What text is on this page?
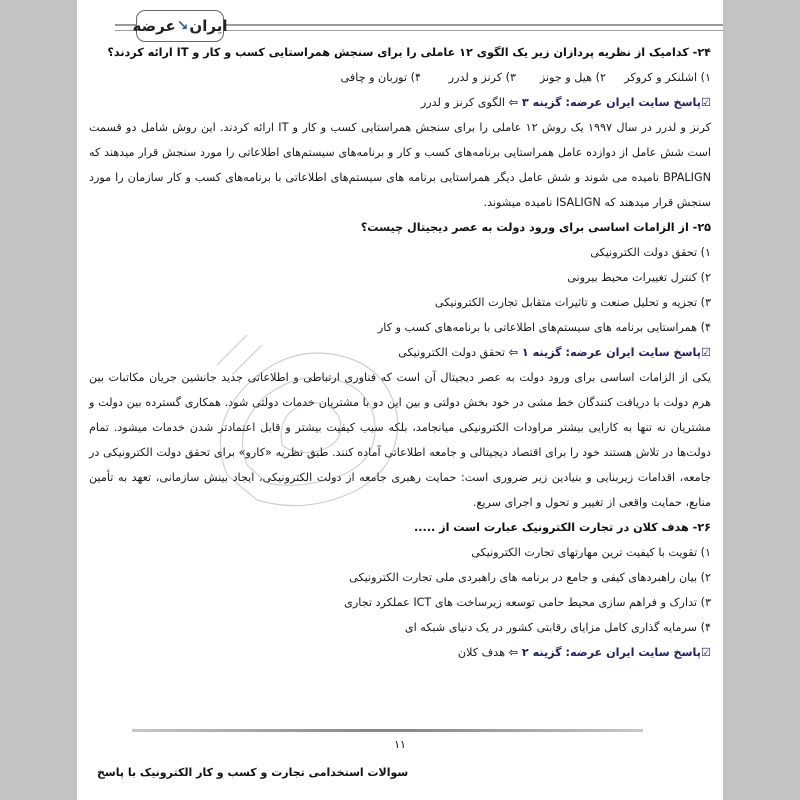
عرضه ↘ ایران
۲۴- کدامیک از نظریه پردازان زیر یک الگوی ۱۲ عاملی را برای سنجش همراستایی کسب و کار و IT ارائه کردند؟
۱) اشلنکر و کروکر
۲) هیل و جونز
۳) کرنز و لدرر
۴) توربان و چافی
☑پاسخ سایت ایران عرضه: گزینه ۳ ⇦ الگوی کرنز و لدرر
کرنز و لدرر در سال ۱۹۹۷ یک روش ۱۲ عاملی را برای سنجش همراستایی کسب و کار و IT ارائه کردند. این روش شامل دو قسمت است شش عامل از دوازده عامل همراستایی برنامه‌های کسب و کار و برنامه‌های سیستم‌های اطلاعاتی را مورد سنجش قرار میدهند که BPALIGN نامیده می شوند و شش عامل دیگر همراستایی برنامه های سیستم‌های اطلاعاتی با برنامه‌های کسب و کار سازمان را مورد سنجش قرار میدهند که ISALIGN نامیده میشوند.
۲۵- از الزامات اساسی برای ورود دولت به عصر دیجیتال چیست؟
۱) تحقق دولت الکترونیکی
۲) کنترل تغییرات محیط بیرونی
۳) تجزیه و تحلیل صنعت و تاثیرات متقابل تجارت الکترونیکی
۴) همراستایی برنامه های سیستم‌های اطلاعاتی با برنامه‌های کسب و کار
☑پاسخ سایت ایران عرضه: گزینه ۱ ⇦ تحقق دولت الکترونیکی
یکی از الزامات اساسی برای ورود دولت به عصر دیجیتال آن است که فناوری ارتباطی و اطلاعاتی جدید جانشین جریان مکاتبات بین هرم دولت با دریافت کنندگان خط مشی در خود بخش دولتی و بین این دو با مشتریان خدمات دولتی شود. همکاری گسترده بین دولت و مشتریان نه تنها به کارایی بیشتر مراودات الکترونیکی میانجامد، بلکه سبب کیفیت بیشتر و قابل اعتمادتر شدن خدمات میشود. تمام دولت‌ها در تلاش هستند خود را برای اقتصاد دیجیتالی و جامعه اطلاعاتی آماده کنند. طبق نظریه «کارو» برای تحقق دولت الکترونیکی در جامعه، اقدامات زیربنایی و بنیادین زیر ضروری است: حمایت رهبری جامعه از دولت الکترونیکی، ایجاد بینش سازمانی، تعهد به تأمین منابع، حمایت واقعی از تغییر و تحول و اجرای سریع.
۲۶- هدف کلان در تجارت الکترونیک عبارت است از .....
۱) تقویت با کیفیت ترین مهارتهای تجارت الکترونیکی
۲) بیان راهبردهای کیفی و جامع در برنامه های راهبردی ملی تجارت الکترونیکی
۳) تدارک و فراهم سازی محیط حامی توسعه زیرساخت های ICT عملکرد تجاری
۴) سرمایه گذاری کامل مزایای رقابتی کشور در یک دنیای شبکه ای
☑پاسخ سایت ایران عرضه: گزینه ۲ ⇦ هدف کلان
۱۱
سوالات استخدامی تجارت و کسب و کار الکترونیک با پاسخ
